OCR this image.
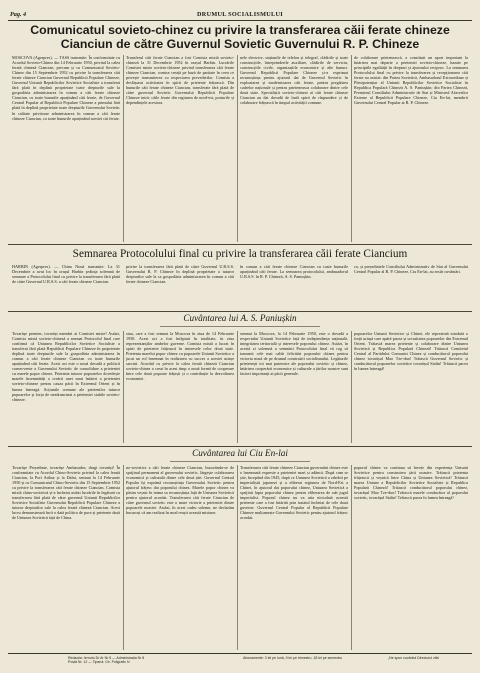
Pag. 4	DRUMUL SOCIALISMULUI
Comunicatul sovieto-chinez cu privire la transferarea căii ferate chineze
Cianciun de către Guvernul Sovietic Guvernului R. P. Chineze
MOSCOVA (Agerpres). — TASS transmite: În conformitate cu Acordul Sovieto-Chinez din 14 Februarie 1950, privind la calea ferată chineză Ciancian, precum și cu Comunicatul Sovieto-Chinez din 15 Septembrie 1952 cu privire la transferarea căii ferate chineze Ciancian Guvernul Republicii Populare Chineze, Guvernul Uniunii Republicilor Sovietice Socialiste a transferat fără plată în deplină proprietate toate drepturile sale la gospodăria administrarea în comun a căii ferate chineze Ciancian, cu toate bunurile aparținând căii ferate, de Guvernul Central Popular al Republicii Populare Chineze a primului fără plată în deplină proprietate toate drepturile Guvernului Sovietic în calitate privitoare administrarea în comun a căii ferate chineze Ciancian, cu toate bunurile aparținând acestei căi ferate.
Transferul căii ferate Ciancian a fost Comisia mixtă sovieto-chineză la 31 Decembrie 1952 în orașul Harbin. Lucrările Comisiei mixte sovieto-chineze privind transferarea căii ferate chineze Ciancian, comise creață pe bază de paritate în ceea ce privește transmiterea cu respectarea prevederilor. Comisia a desfășurat activitatea în spirit de prietenie frățească. Din bunurile căii ferate chineze Ciancian, transferate fără plată de către guvernul Sovietic Guvernului Republicii Populare Chineze intră: căile ferate din regiunea de nord-est, porturile și dependințele acestora.
nele electrice, stațiunile de telefon și telegraf, clădirile și toate construcțiile, întreprinderile auxiliare, clădirile de serviciu, construcțiile civile, organizațiile economice și alte bunuri. Guvernul Republicii Populare Chineze și-a exprimat recunoștința pentru ajutorul dat de Guvernul Sovietic în exploatarea și modernizarea căii ferate, pentru pregătirea cadrelor naționale și pentru prieteneasca colaborare dintre cele două state. Specialiștii sovieto-chinezi ai căii ferate chineze Ciancian au dat dovadă de înalt spirit de răspundere și de colaborare frățească în timpul activității comune.
de colaborare prietenească, a constituit un aport important la întărirea mai departe a prieteniei sovieto-chineze, bazate pe principiile egalității în drepturi și ajutorului reciproc. La semnarea Protocolului final cu privire la transferarea și recepționarea căii ferate au asistat: din Partea Sovietică, Ambasadorul Extraordinar și Plenipotențiar al Uniunii Republicilor Sovietice Socialiste în Republica Populară Chineză A. S. Paniușkin; din Partea Chineză, Premierul Consiliului Administrativ de Stat și Ministrul Afacerilor Externe al Republicii Populare Chineze, Ciu En-lai, membrii Guvernului Central Popular ai R. P. Chineze.
Semnarea Protocolului final cu privire la transferarea căii ferate Ciancium
HARBIN (Agerpres). — China Nouă transmite: La 31 Decembrie a avut loc în orașul Harbin ședința solemnă de semnare a Protocolului final cu privire la transferarea fără plată de către Guvernul U.R.S.S. a căii ferate chineze Ciancian.
privire la transferarea fără plată de către Guvernul U.R.S.S. Guvernului R. P. Chineze în deplină proprietate a tuturor drepturilor sale la ca gospodăria administrarea în comun a căii ferate chineze Ciancian.
în comun a căii ferate chineze Ciancian cu toate bunurile aparținând căii ferate. La semnarea protocolului, ambasadorul U.R.S.S. în R. P. Chineză, A. S. Paniușkin.
ca, și președintele Consiliului Administrativ de Stat al Guvernului Central Popular al R. P. Chineze, Ciu En-lai, au rostit cuvântări.
Cuvântarea lui A. S. Paniușkin
Tovarășe premier, tovarăși membri ai Comisiei mixte! Astăzi, Comisia mixtă sovieto-chineză a semnat Protocolul final care confirmă că Uniunea Republicilor Sovietice Socialiste a transferat fără plată Republicii Populare Chineze în proprietate deplină toate drepturile sale la gospodăria administrarea în comun a căii ferate chineze Ciancian cu toate bunurile aparținând căii ferate. Acest act este o nouă dovadă a politicii consecvente a Guvernului Sovietic de consolidare a prieteniei cu marele popor chinez. Prietenia tuturor popoarelor dovedește marele însemnătăți a creării unei mari întăriri a prieteniei sovieto-chineze pentru cauza păcii în Extremul Orient și în lumea întreagă. Acțiunile comune ale prietenilor tuturor popoarelor și forța de nezdruncinat a prieteniei stabile sovieto-chineze.
stau, care a fost semnat la Moscova în ziua de 14 Februarie 1950. Acest act a fost înfăptuit în totalitate, în ziua reprezentanților ambelor guverne. Comisia mixtă a lucrat în spirit de prietenie frățească în interesele celor două state. Prietenia marelui popor chinez cu popoarele Uniunii Sovietice a jucat un rol însemnat în realizarea cu succes a acestei uriașe sarcini. Acordul cu privire la calea ferată chineză Ciancian sovieto-chinez a creat în acest timp o nouă formă de cooperare între cele două popoare frățești și o contribuție la dezvoltarea economiei.
semnat la Moscova, la 14 Februarie 1950, este o dovadă a respectului Uniunii Sovietice față de independența națională, integritatea teritorială și interesele poporului chinez. Astăzi, în acestă zi solemnă a semnării Protocolului final vă rog să transmit cele mai calde felicitări poporului chinez pentru victoria nouă de pe drumul construirii socialismului. Legăturile prietenești tot mai puternice ale poporului sovietic și chinez, întărirea cooperării economice și culturale a țărilor noastre sunt factori importanți ai păcii generale.
popoarelor Uniunii Sovietice și Chinei, ele reprezintă totodată o forță uriașă care apără pacea și securitatea popoarelor din Extremul Orient. Trăiască marea prietenie și colaborare dintre Uniunea Sovietică și Republica Populară Chineză! Trăiască Comitetul Central al Partidului Comunist Chinez și conducătorul poporului chinez tovarășul Mao Tze-dun! Trăiască Guvernul Sovietic și conducătorul popoarelor sovietice tovarășul Stalin! Trăiască pacea în lumea întreagă!
Cuvântarea lui Ciu En-lai
Tovarășe Președinte, tovarășe Ambasador, dragi tovarăși! În conformitate cu Acordul Chino-Sovietic privind la calea ferată Ciancian, la Port Arthur și la Dalni, semnat la 14 Februarie 1950 și cu Comunicatul Chino-Sovietic din 15 Septembrie 1952 cu privire la transferarea căii ferate chineze Ciancian, Comisia mixtă chino-sovietică și-a încheiat astăzi lucrările în legătură cu transferarea fără plată de către guvernul Uniunii Republicilor Sovietice Socialiste Guvernului Republicii Populare Chineze a tuturor drepturilor sale la calea ferată chineză Ciancian. Acest lucru demonstrează încă o dată politica de pace și prietenie dusă de Uniunea Sovietică față de China.
no-sovietice a căii ferate chineze Ciancian, bucurându-se de sprijinul permanent al guvernului sovietic, lărgește colaborarea economică și culturală dintre cele două țări. Guvernul Central Popular își exprimă recunoștința Guvernului Sovietic pentru ajutorul frățesc dat poporului chinez. Marele popor chinez va păstra veșnic în inima sa recunoștința față de Uniunea Sovietică pentru ajutorul acordat. Transferarea căii ferate Ciancian de către guvernul sovietic este o mare victorie a prieteniei dintre popoarele noastre. Astăzi, în acest cadru solemn, ne declarăm bucuroși că am realizat în mod reușit această misiune.
Transferarea căii ferate chineze Ciancian guvernului chinez este o însemnată expresie a prieteniei mari și adâncă. După cum se știe, începând din 1945, după ce Uniunea Sovietică a zdrobit pe imperialiștii japonezi și a eliberat regiunea de Nord-Est a Chinei, în ajutorul dat poporului chinez, Uniunea Sovietică a sprijinit lupta poporului chinez pentru eliberarea de sub jugul imperialist. Poporul chinez nu va uita niciodată această prietenie care a fost întărită prin tratatul încheiat de cele două guverne. Guvernul Central Popular al Republicii Populare Chineze mulțumește Guvernului Sovietic pentru ajutorul frățesc acordat.
poporul chinez va continua să învețe din experiența Uniunii Sovietice pentru construirea țării noastre. Trăiască prietenia frățească și veșnică între China și Uniunea Sovietică! Trăiască marea Uniune a Republicilor Sovietice Socialiste și Republica Populară Chineză! Trăiască conducătorul poporului chinez, tovarășul Mao Tze-dun! Trăiască marele conducător al poporului sovietic, tovarășul Stalin! Trăiască pacea în lumea întreagă!
Redacția: Iernutu Dr Ar Nr 5 — Administrația Nr 8
Poștă Nr. 12 — Tiparul: Ctr. Poligrafic N
Abonamente: 3 lei pe lună, 9 lei pe trimestru, 18 lei pe semestru	„Ne spun cuvântul Directorul zilei
